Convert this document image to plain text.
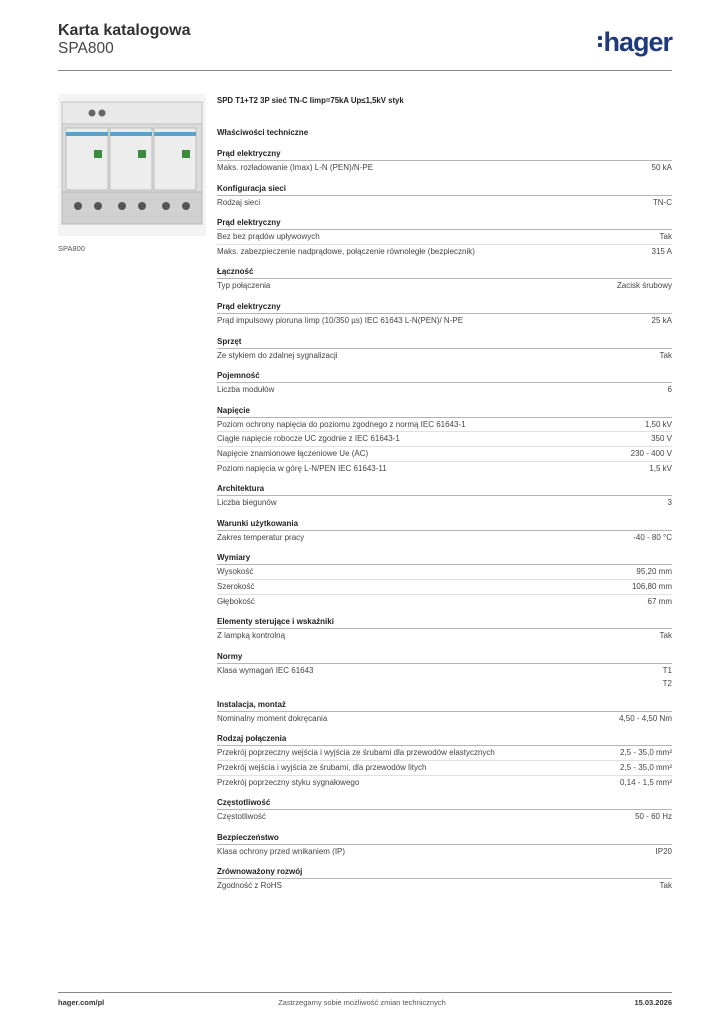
Karta katalogowa
SPA800	hager
SPA800
SPD T1+T2 3P sieć TN-C Iimp=75kA Up≤1,5kV styk
Właściwości techniczne
Prąd elektryczny
Maks. rozładowanie (Imax) L-N (PEN)/N-PE	50 kA
Konfiguracja sieci
Rodzaj sieci	TN-C
Prąd elektryczny
Bez bez prądów upływowych	Tak
Maks. zabezpieczenie nadprądowe, połączenie równoległe (bezpiecznik)	315 A
Łączność
Typ połączenia	Zacisk śrubowy
Prąd elektryczny
Prąd impulsowy pioruna Iimp (10/350 µs) IEC 61643 L-N(PEN)/ N-PE	25 kA
Sprzęt
Ze stykiem do zdalnej sygnalizacji	Tak
Pojemność
Liczba modułów	6
Napięcie
Poziom ochrony napięcia do poziomu zgodnego z normą IEC 61643-1	1,50 kV
Ciągłe napięcie robocze UC zgodnie z IEC 61643-1	350 V
Napięcie znamionowe łączeniowe Ue (AC)	230 - 400 V
Poziom napięcia w górę L-N/PEN IEC 61643-11	1,5 kV
Architektura
Liczba biegunów	3
Warunki użytkowania
Zakres temperatur pracy	-40 - 80 °C
Wymiary
Wysokość	95,20 mm
Szerokość	106,80 mm
Głębokość	67 mm
Elementy sterujące i wskaźniki
Z lampką kontrolną	Tak
Normy
Klasa wymagań IEC 61643	T1
T2
Instalacja, montaż
Nominalny moment dokręcania	4,50 - 4,50 Nm
Rodzaj połączenia
Przekrój poprzeczny wejścia i wyjścia ze śrubami dla przewodów elastycznych	2,5 - 35,0 mm²
Przekrój wejścia i wyjścia ze śrubami, dla przewodów litych	2,5 - 35,0 mm²
Przekrój poprzeczny styku sygnałowego	0,14 - 1,5 mm²
Częstotliwość
Częstotliwość	50 - 60 Hz
Bezpieczeństwo
Klasa ochrony przed wnikaniem (IP)	IP20
Zrównoważony rozwój
Zgodność z RoHS	Tak
hager.com/pl	Zastrzegamy sobie możliwość zmian technicznych	15.03.2026
